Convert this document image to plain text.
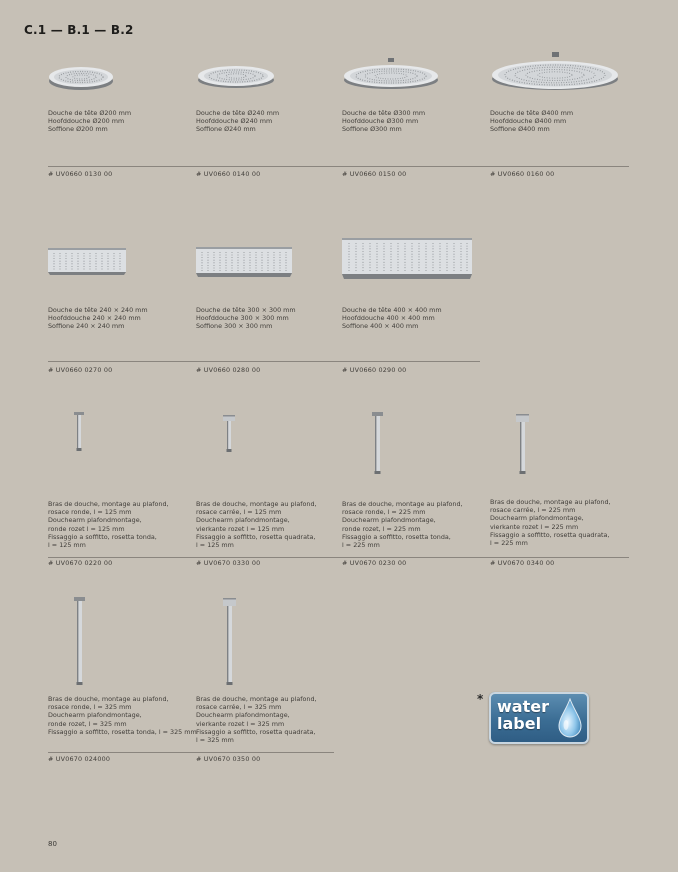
C.1 — B.1 — B.2
Douche de tête Ø200 mm
Hoofddouche Ø200 mm
Soffione Ø200 mm
# UV0660 0130 00
Douche de tête Ø240 mm
Hoofddouche Ø240 mm
Soffione Ø240 mm
# UV0660 0140 00
Douche de tête Ø300 mm
Hoofddouche Ø300 mm
Soffione Ø300 mm
# UV0660 0150 00
Douche de tête Ø400 mm
Hoofddouche Ø400 mm
Soffione Ø400 mm
# UV0660 0160 00
Douche de tête 240 × 240 mm
Hoofddouche 240 × 240 mm
Soffione 240 × 240 mm
# UV0660 0270 00
Douche de tête 300 × 300 mm
Hoofddouche 300 × 300 mm
Soffione 300 × 300 mm
# UV0660 0280 00
Douche de tête 400 × 400 mm
Hoofddouche 400 × 400 mm
Soffione 400 × 400 mm
# UV0660 0290 00
Bras de douche, montage au plafond,
rosace ronde, l = 125 mm
Douchearm plafondmontage,
ronde rozet l = 125 mm
Fissaggio a soffitto, rosetta tonda,
l = 125 mm
# UV0670 0220 00
Bras de douche, montage au plafond,
rosace carrée, l = 125 mm
Douchearm plafondmontage,
vierkante rozet l = 125 mm
Fissaggio a soffitto, rosetta quadrata,
l = 125 mm
# UV0670 0330 00
Bras de douche, montage au plafond,
rosace ronde, l = 225 mm
Douchearm plafondmontage,
ronde rozet, l = 225 mm
Fissaggio a soffitto, rosetta tonda,
l = 225 mm
# UV0670 0230 00
Bras de douche, montage au plafond,
rosace carrée, l = 225 mm
Douchearm plafondmontage,
vierkante rozet l = 225 mm
Fissaggio a soffitto, rosetta quadrata,
l = 225 mm
# UV0670 0340 00
Bras de douche, montage au plafond,
rosace ronde, l = 325 mm
Douchearm plafondmontage,
ronde rozet, l = 325 mm
Fissaggio a soffitto, rosetta tonda, l = 325 mm
# UV0670 024000
Bras de douche, montage au plafond,
rosace carrée, l = 325 mm
Douchearm plafondmontage,
vierkante rozet l = 325 mm
Fissaggio a soffitto, rosetta quadrata,
l = 325 mm
# UV0670 0350 00
* water
label
80
